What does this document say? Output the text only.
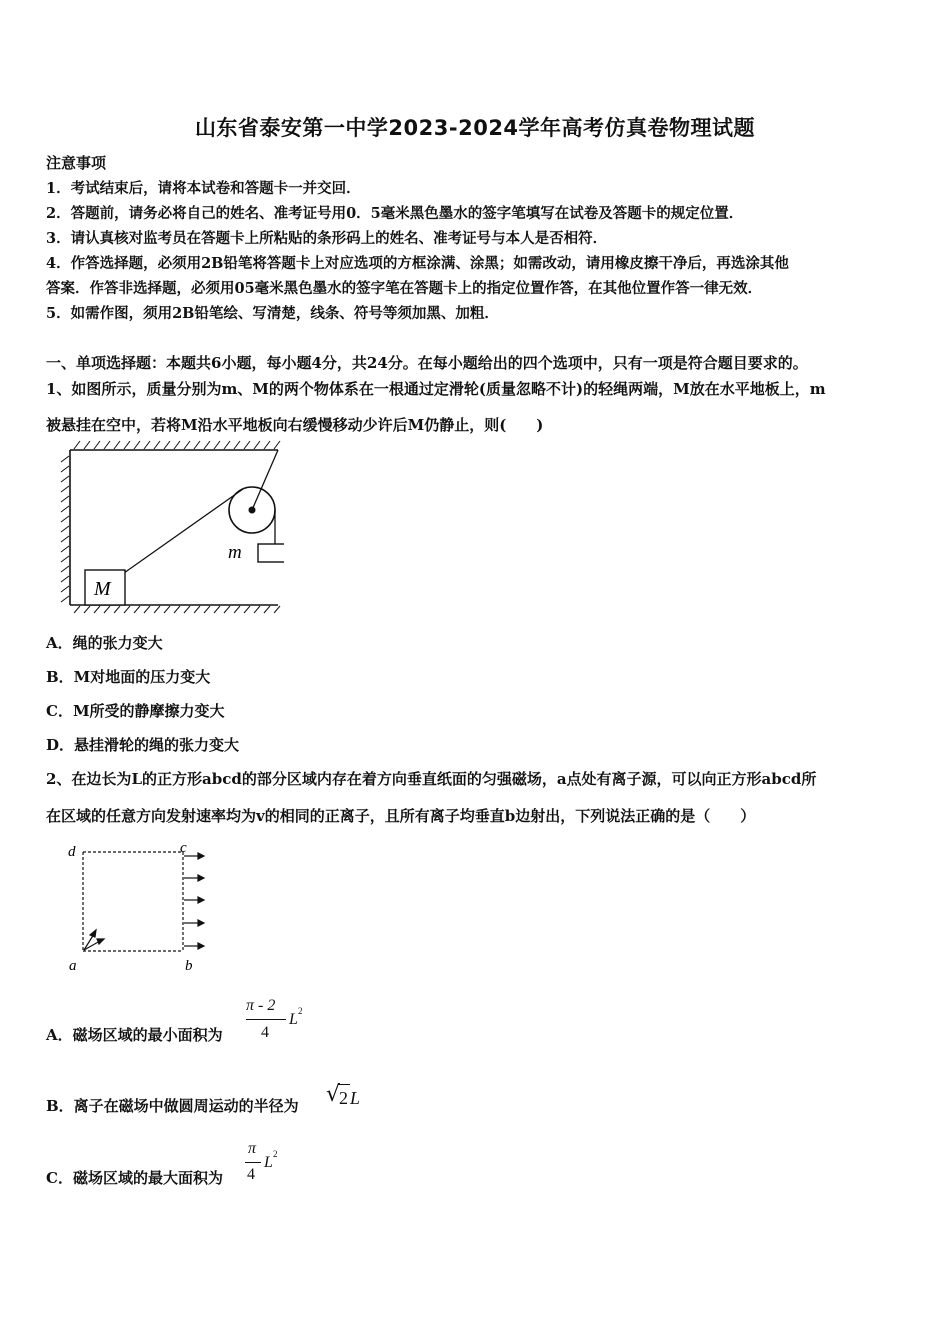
山东省泰安第一中学2023-2024学年高考仿真卷物理试题
注意事项
1．考试结束后，请将本试卷和答题卡一并交回．
2．答题前，请务必将自己的姓名、准考证号用0．5毫米黑色墨水的签字笔填写在试卷及答题卡的规定位置．
3．请认真核对监考员在答题卡上所粘贴的条形码上的姓名、准考证号与本人是否相符．
4．作答选择题，必须用2B铅笔将答题卡上对应选项的方框涂满、涂黑；如需改动，请用橡皮擦干净后，再选涂其他
答案．作答非选择题，必须用05毫米黑色墨水的签字笔在答题卡上的指定位置作答，在其他位置作答一律无效．
5．如需作图，须用2B铅笔绘、写清楚，线条、符号等须加黑、加粗．
一、单项选择题：本题共6小题，每小题4分，共24分。在每小题给出的四个选项中，只有一项是符合题目要求的。
1、如图所示，质量分别为m、M的两个物体系在一根通过定滑轮(质量忽略不计)的轻绳两端，M放在水平地板上，m
被悬挂在空中，若将M沿水平地板向右缓慢移动少许后M仍静止，则(　　)
m
M
A．绳的张力变大
B．M对地面的压力变大
C．M所受的静摩擦力变大
D．悬挂滑轮的绳的张力变大
2、在边长为L的正方形abcd的部分区域内存在着方向垂直纸面的匀强磁场，a点处有离子源，可以向正方形abcd所
在区域的任意方向发射速率均为v的相同的正离子，且所有离子均垂直b边射出，下列说法正确的是（　　）
d	c
a	b
A．磁场区域的最小面积为
π - 2
4
L 2
B．离子在磁场中做圆周运动的半径为 √
2 L
C．磁场区域的最大面积为
π
4
L 2
